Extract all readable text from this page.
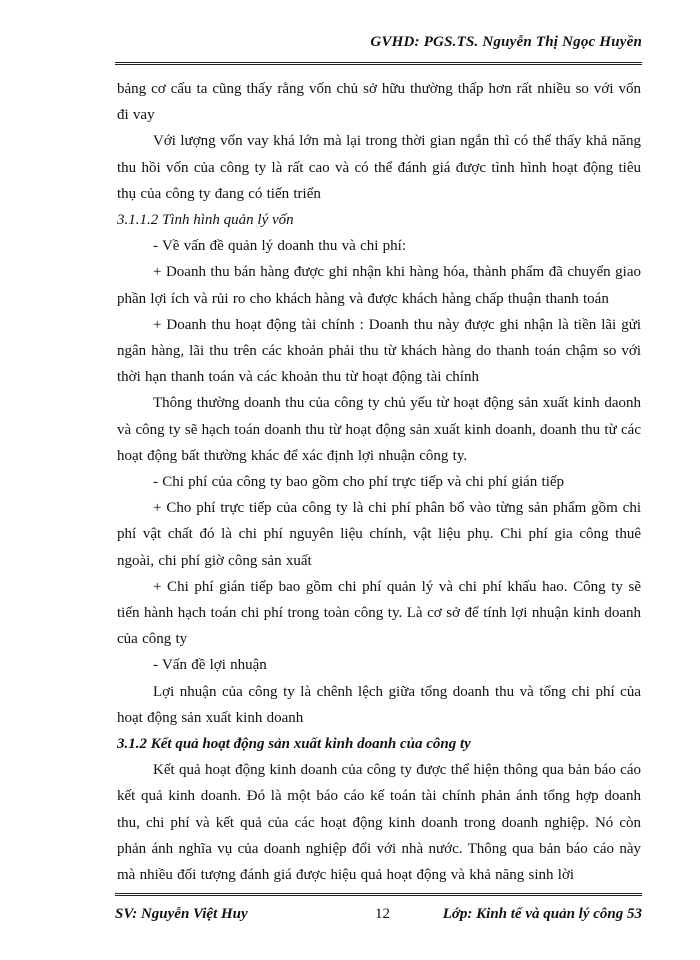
GVHD: PGS.TS. Nguyễn Thị Ngọc Huyền

bảng cơ cấu ta cũng thấy rằng vốn chủ sở hữu thường thấp hơn rất nhiều so với vốn đi vay

Với lượng vốn vay khá lớn mà lại trong thời gian ngắn thì có thể thấy khả năng thu hồi vốn của công ty là rất cao và có thể đánh giá được tình hình hoạt động tiêu thụ của công ty đang có tiến triển

3.1.1.2 Tình hình quản lý vốn

- Về vấn đề quản lý doanh thu và chi phí:

+ Doanh thu bán hàng được ghi nhận khi hàng hóa, thành phẩm đã chuyển giao phần lợi ích và rủi ro cho khách hàng và được khách hàng chấp thuận thanh toán

+ Doanh thu hoạt động tài chính : Doanh thu này được ghi nhận là tiền lãi gửi ngân hàng, lãi thu trên các khoản phải thu từ khách hàng do thanh toán chậm so với thời hạn thanh toán và các khoản thu từ hoạt động tài chính

Thông thường doanh thu của công ty chủ yếu từ hoạt động sản xuất kinh daonh và công ty sẽ hạch toán doanh thu từ hoạt động sản xuất kinh doanh, doanh thu từ các hoạt động bất thường khác để xác định lợi nhuận công ty.

- Chi phí của công ty bao gồm cho phí trực tiếp và chi phí gián tiếp

+ Cho phí trực tiếp của công ty là chi phí phân bổ vào từng sản phẩm gồm chi phí vật chất đó là chi phí nguyên liệu chính, vật liệu phụ. Chi phí gia công thuê ngoài, chi phí giờ công sản xuất

+ Chi phí gián tiếp bao gồm chi phí quản lý và chi phí khấu hao. Công ty sẽ tiến hành hạch toán chi phí trong toàn công ty. Là cơ sở để tính lợi nhuận kinh doanh của công ty

- Vấn đề lợi nhuận

Lợi nhuận của công ty là chênh lệch giữa tổng doanh thu và tổng chi phí của hoạt động sản xuất kinh doanh

3.1.2 Kết quả hoạt động sản xuất kinh doanh của công ty

Kết quả hoạt động kinh doanh của công ty được thể hiện thông qua bản báo cáo kết quả kinh doanh. Đó là một báo cáo kế toán tài chính phản ánh tổng hợp doanh thu, chi phí và kết quả của các hoạt động kinh doanh trong doanh nghiệp. Nó còn phản ánh nghĩa vụ của doanh nghiệp đối với nhà nước. Thông qua bản báo cáo này mà nhiều đối tượng đánh giá được hiệu quả hoạt động và khả năng sinh lời

SV: Nguyễn Việt Huy	12	Lớp: Kinh tế và quản lý công 53
